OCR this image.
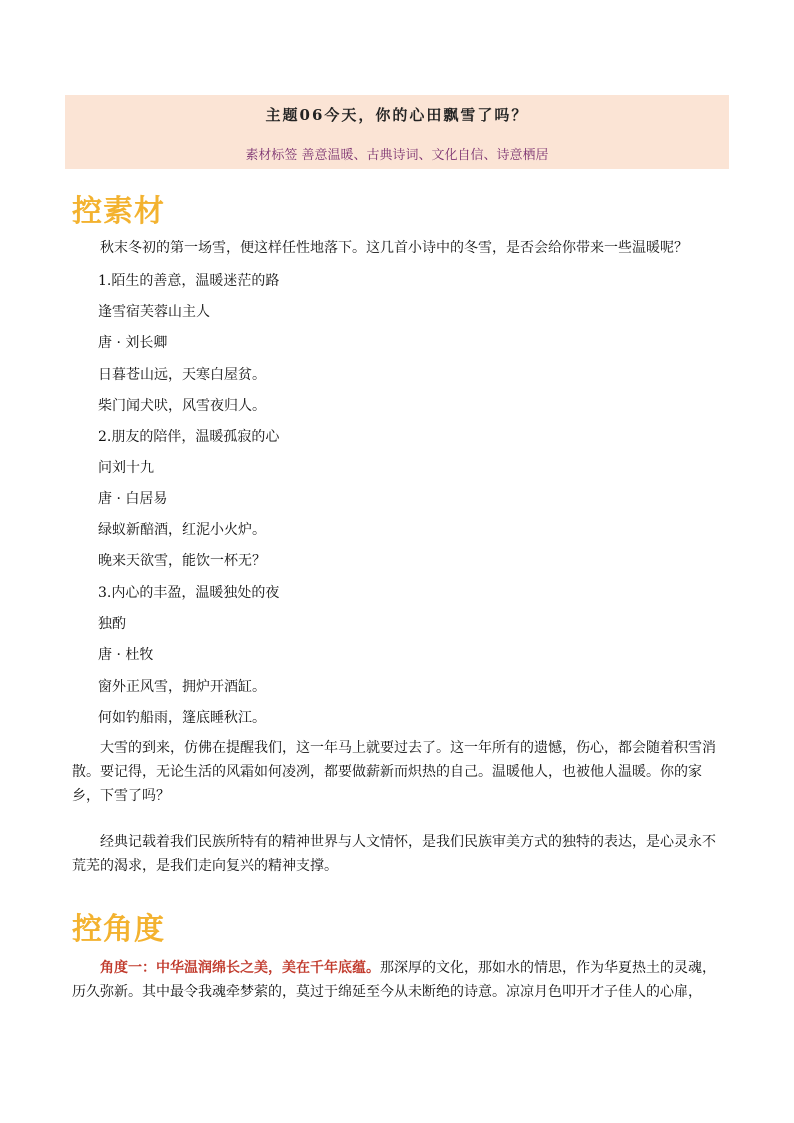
主题06今天，你的心田飘雪了吗？
素材标签 善意温暖、古典诗词、文化自信、诗意栖居
控素材

秋末冬初的第一场雪，便这样任性地落下。这几首小诗中的冬雪，是否会给你带来一些温暖呢？

1.陌生的善意，温暖迷茫的路
逢雪宿芙蓉山主人
唐 · 刘长卿
日暮苍山远，天寒白屋贫。
柴门闻犬吠，风雪夜归人。
2.朋友的陪伴，温暖孤寂的心
问刘十九
唐 · 白居易
绿蚁新醅酒，红泥小火炉。
晚来天欲雪，能饮一杯无？
3.内心的丰盈，温暖独处的夜
独酌
唐 · 杜牧
窗外正风雪，拥炉开酒缸。
何如钓船雨，篷底睡秋江。

大雪的到来，仿佛在提醒我们，这一年马上就要过去了。这一年所有的遗憾，伤心，都会随着积雪消散。要记得，无论生活的风霜如何凌冽，都要做薪新而炽热的自己。温暖他人，也被他人温暖。你的家乡，下雪了吗？

经典记载着我们民族所特有的精神世界与人文情怀，是我们民族审美方式的独特的表达，是心灵永不荒芜的渴求，是我们走向复兴的精神支撑。

控角度

角度一：中华温润绵长之美，美在千年底蕴。那深厚的文化，那如水的情思，作为华夏热土的灵魂，历久弥新。其中最令我魂牵梦萦的，莫过于绵延至今从未断绝的诗意。凉凉月色叩开才子佳人的心扉，
